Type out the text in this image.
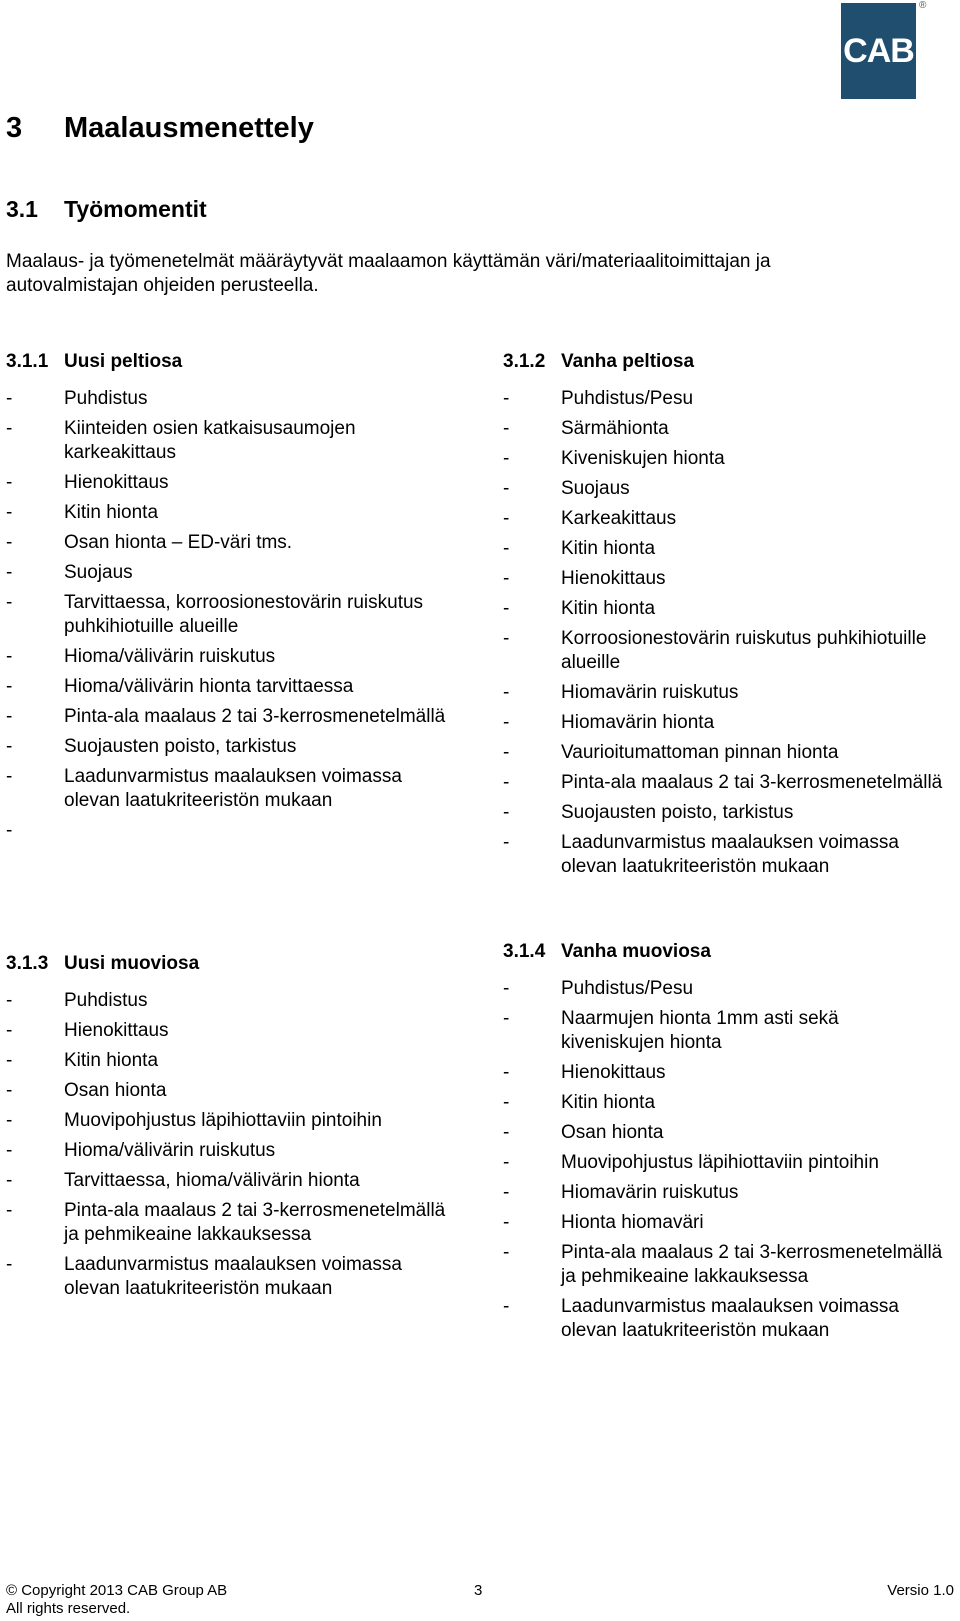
CAB
®
3	Maalausmenettely
3.1	Työmomentit
Maalaus- ja työmenetelmät määräytyvät maalaamon käyttämän väri/materiaalitoimittajan ja autovalmistajan ohjeiden perusteella.
3.1.1 Uusi peltiosa
-	Puhdistus
-	Kiinteiden osien katkaisusaumojen karkeakittaus
-	Hienokittaus
-	Kitin hionta
-	Osan hionta – ED-väri tms.
-	Suojaus
-	Tarvittaessa, korroosionestovärin ruiskutus puhkihiotuille alueille
-	Hioma/välivärin ruiskutus
-	Hioma/välivärin hionta tarvittaessa
-	Pinta-ala maalaus 2 tai 3-kerrosmenetelmällä
-	Suojausten poisto, tarkistus
-	Laadunvarmistus maalauksen voimassa olevan laatukriteeristön mukaan
-
3.1.2 Vanha peltiosa
-	Puhdistus/Pesu
-	Särmähionta
-	Kiveniskujen hionta
-	Suojaus
-	Karkeakittaus
-	Kitin hionta
-	Hienokittaus
-	Kitin hionta
-	Korroosionestovärin ruiskutus puhkihiotuille alueille
-	Hiomavärin ruiskutus
-	Hiomavärin hionta
-	Vaurioitumattoman pinnan hionta
-	Pinta-ala maalaus 2 tai 3-kerrosmenetelmällä
-	Suojausten poisto, tarkistus
-	Laadunvarmistus maalauksen voimassa olevan laatukriteeristön mukaan
3.1.3 Uusi muoviosa
-	Puhdistus
-	Hienokittaus
-	Kitin hionta
-	Osan hionta
-	Muovipohjustus läpihiottaviin pintoihin
-	Hioma/välivärin ruiskutus
-	Tarvittaessa, hioma/välivärin hionta
-	Pinta-ala maalaus 2 tai 3-kerrosmenetelmällä ja pehmikeaine lakkauksessa
-	Laadunvarmistus maalauksen voimassa olevan laatukriteeristön mukaan
3.1.4 Vanha muoviosa
-	Puhdistus/Pesu
-	Naarmujen hionta 1mm asti sekä kiveniskujen hionta
-	Hienokittaus
-	Kitin hionta
-	Osan hionta
-	Muovipohjustus läpihiottaviin pintoihin
-	Hiomavärin ruiskutus
-	Hionta hiomaväri
-	Pinta-ala maalaus 2 tai 3-kerrosmenetelmällä ja pehmikeaine lakkauksessa
-	Laadunvarmistus maalauksen voimassa olevan laatukriteeristön mukaan
© Copyright 2013 CAB Group AB
All rights reserved.
3	Versio 1.0
